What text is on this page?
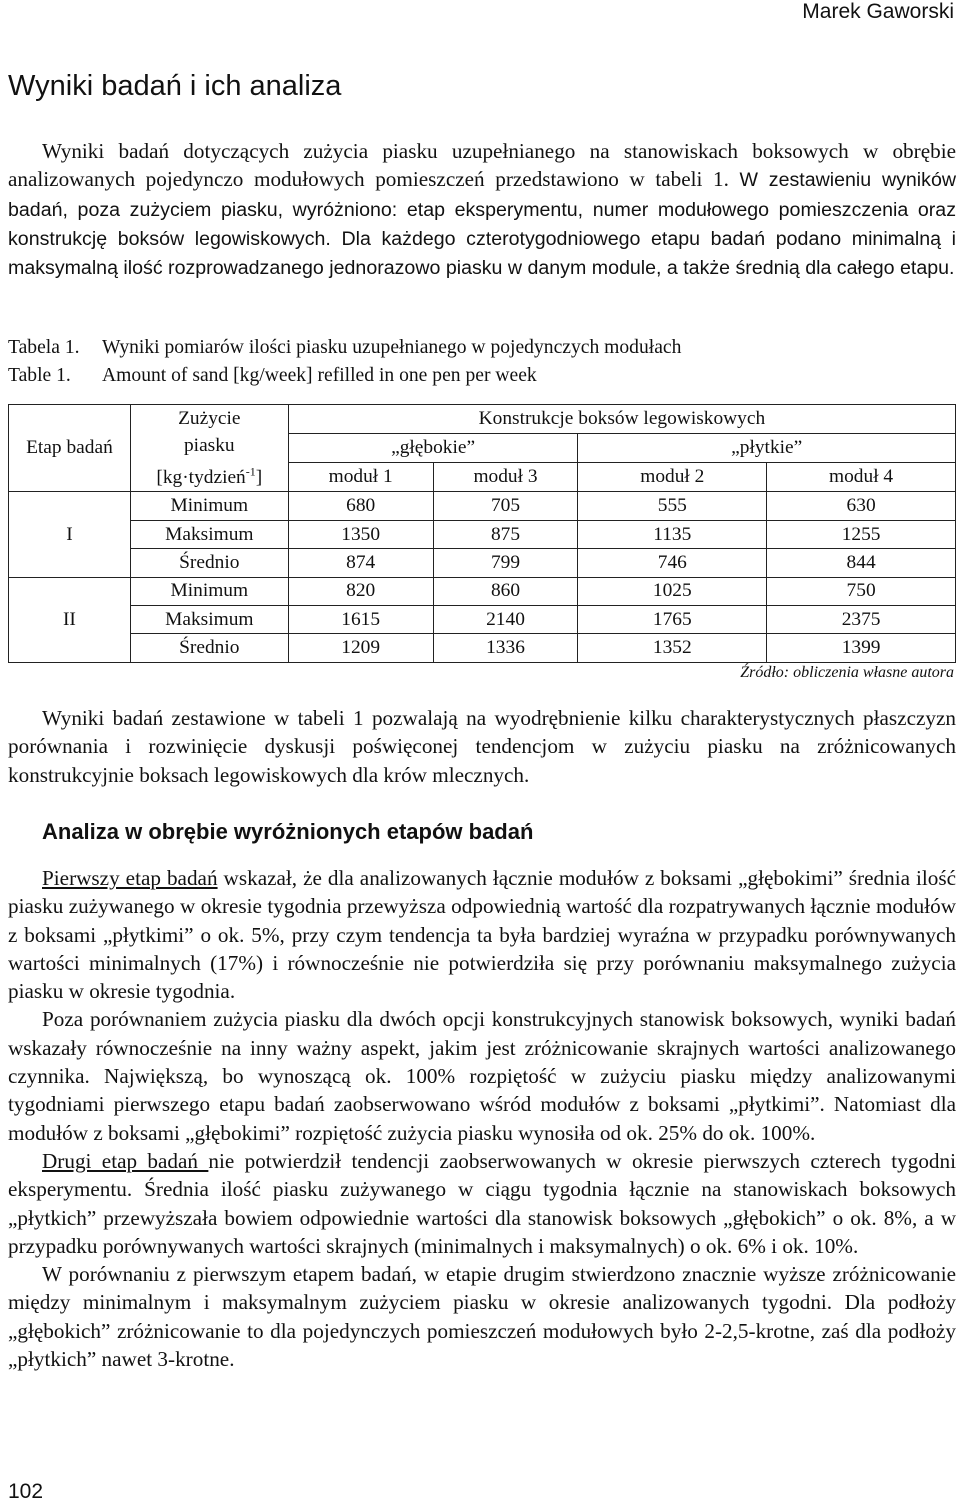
Marek Gaworski
Wyniki badań i ich analiza

Wyniki badań dotyczących zużycia piasku uzupełnianego na stanowiskach boksowych w obrębie analizowanych pojedynczo modułowych pomieszczeń przedstawiono w tabeli 1. W zestawieniu wyników badań, poza zużyciem piasku, wyróżniono: etap eksperymentu, numer modułowego pomieszczenia oraz konstrukcję boksów legowiskowych. Dla każdego czterotygodniowego etapu badań podano minimalną i maksymalną ilość rozprowadzanego jednorazowo piasku w danym module, a także średnią dla całego etapu.

Tabela 1. Wyniki pomiarów ilości piasku uzupełnianego w pojedynczych modułach

Table 1. Amount of sand [kg/week] refilled in one pen per week

Etap badań	Zużycie
piasku
[kg·tydzień$^{-1}$]	Konstrukcje boksów legowiskowych			
		„głębokie”		„płytkie”	
		moduł 1	moduł 3	moduł 2	moduł 4
I	Minimum	680	705	555	630
	Maksimum	1350	875	1135	1255
	Średnio	874	799	746	844
II	Minimum	820	860	1025	750
	Maksimum	1615	2140	1765	2375
	Średnio	1209	1336	1352	1399
Źródło: obliczenia własne autora

Wyniki badań zestawione w tabeli 1 pozwalają na wyodrębnienie kilku charakterystycznych płaszczyzn porównania i rozwinięcie dyskusji poświęconej tendencjom w zużyciu piasku na zróżnicowanych konstrukcyjnie boksach legowiskowych dla krów mlecznych.

Analiza w obrębie wyróżnionych etapów badań
Pierwszy etap badań wskazał, że dla analizowanych łącznie modułów z boksami „głębokimi” średnia ilość piasku zużywanego w okresie tygodnia przewyższa odpowiednią wartość dla rozpatrywanych łącznie modułów z boksami „płytkimi” o ok. 5%, przy czym tendencja ta była bardziej wyraźna w przypadku porównywanych wartości minimalnych (17%) i równocześnie nie potwierdziła się przy porównaniu maksymalnego zużycia piasku w okresie tygodnia.
Poza porównaniem zużycia piasku dla dwóch opcji konstrukcyjnych stanowisk boksowych, wyniki badań wskazały równocześnie na inny ważny aspekt, jakim jest zróżnicowanie skrajnych wartości analizowanego czynnika. Największą, bo wynoszącą ok. 100% rozpiętość w zużyciu piasku między analizowanymi tygodniami pierwszego etapu badań zaobserwowano wśród modułów z boksami „płytkimi”. Natomiast dla modułów z boksami „głębokimi” rozpiętość zużycia piasku wynosiła od ok. 25% do ok. 100%.
Drugi etap badań nie potwierdził tendencji zaobserwowanych w okresie pierwszych czterech tygodni eksperymentu. Średnia ilość piasku zużywanego w ciągu tygodnia łącznie na stanowiskach boksowych „płytkich” przewyższała bowiem odpowiednie wartości dla stanowisk boksowych „głębokich” o ok. 8%, a w przypadku porównywanych wartości skrajnych (minimalnych i maksymalnych) o ok. 6% i ok. 10%.
W porównaniu z pierwszym etapem badań, w etapie drugim stwierdzono znacznie wyższe zróżnicowanie między minimalnym i maksymalnym zużyciem piasku w okresie analizowanych tygodni. Dla podłoży „głębokich” zróżnicowanie to dla pojedynczych pomieszczeń modułowych było 2-2,5-krotne, zaś dla podłoży „płytkich” nawet 3-krotne.
102
